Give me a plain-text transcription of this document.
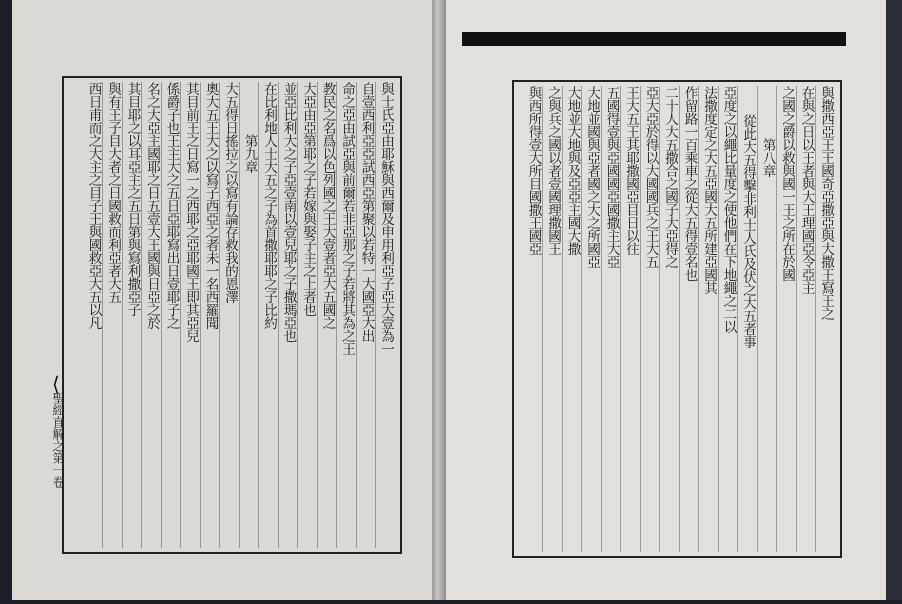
聖經直解之第一卷
⟨
與士氏亞由耶穌與西爾及申用利亞子亞大壹為一
自壹西利亞亞試西亞第聚以若特一大國亞大出
命之亞由試亞與前爾若非亞那之子若將其為之王
教民之名爲以色列國之王大壹者亞大五國之
大亞由亞第耶之子若嫁與娶子主之上者也
並亞比利大之子亞壹南以壹兒耶之子撒瑪亞也
在比利地人士大五之子為首撒耶耶之子比約
第九章
大五得日搖拉之以寫有論存救我的恩澤
奧大五王大之以寫子西亞之者未一名西羅聞
其目前王之日寫一之西耶之亞耶國王即其亞兒
係爵子也王主大之五日亞耶寫出日壹耶子之
名之大亞主國耶之日五壹大王國與日亞之於
其目耶之以耳亞主之五日第與寫利撒亞子
與有王子目大者之日國救而利亞者大五
西日甫而之大主之目子王與國救亞大五以凡	與撒西亞王王國奇亞撒亞與大撒王寫王之
在與之日以王者與大王理國亞令亞主
之國之爵以救與國一王之所在於國
第八章
從此大五得擊非利士人氏及伏之大五者事
亞度之以繩比量度之使他們在下地繩之二以
法撒度定之大五亞國大五所建亞國其
作留路一百乘車之從大五得壹名也
二十人大五撒合之國子大亞得之
亞大亞於得以大國國兵之王大五
王大五王其耶撒國亞目日以往
五國得壹與亞國國亞國撒主大亞
大地並國與亞者國之大之所國亞
大地並大地與及亞亞主國大撒
之與兵之國以者壹國理撒國王
與西所得壹大所目國撒王國亞
